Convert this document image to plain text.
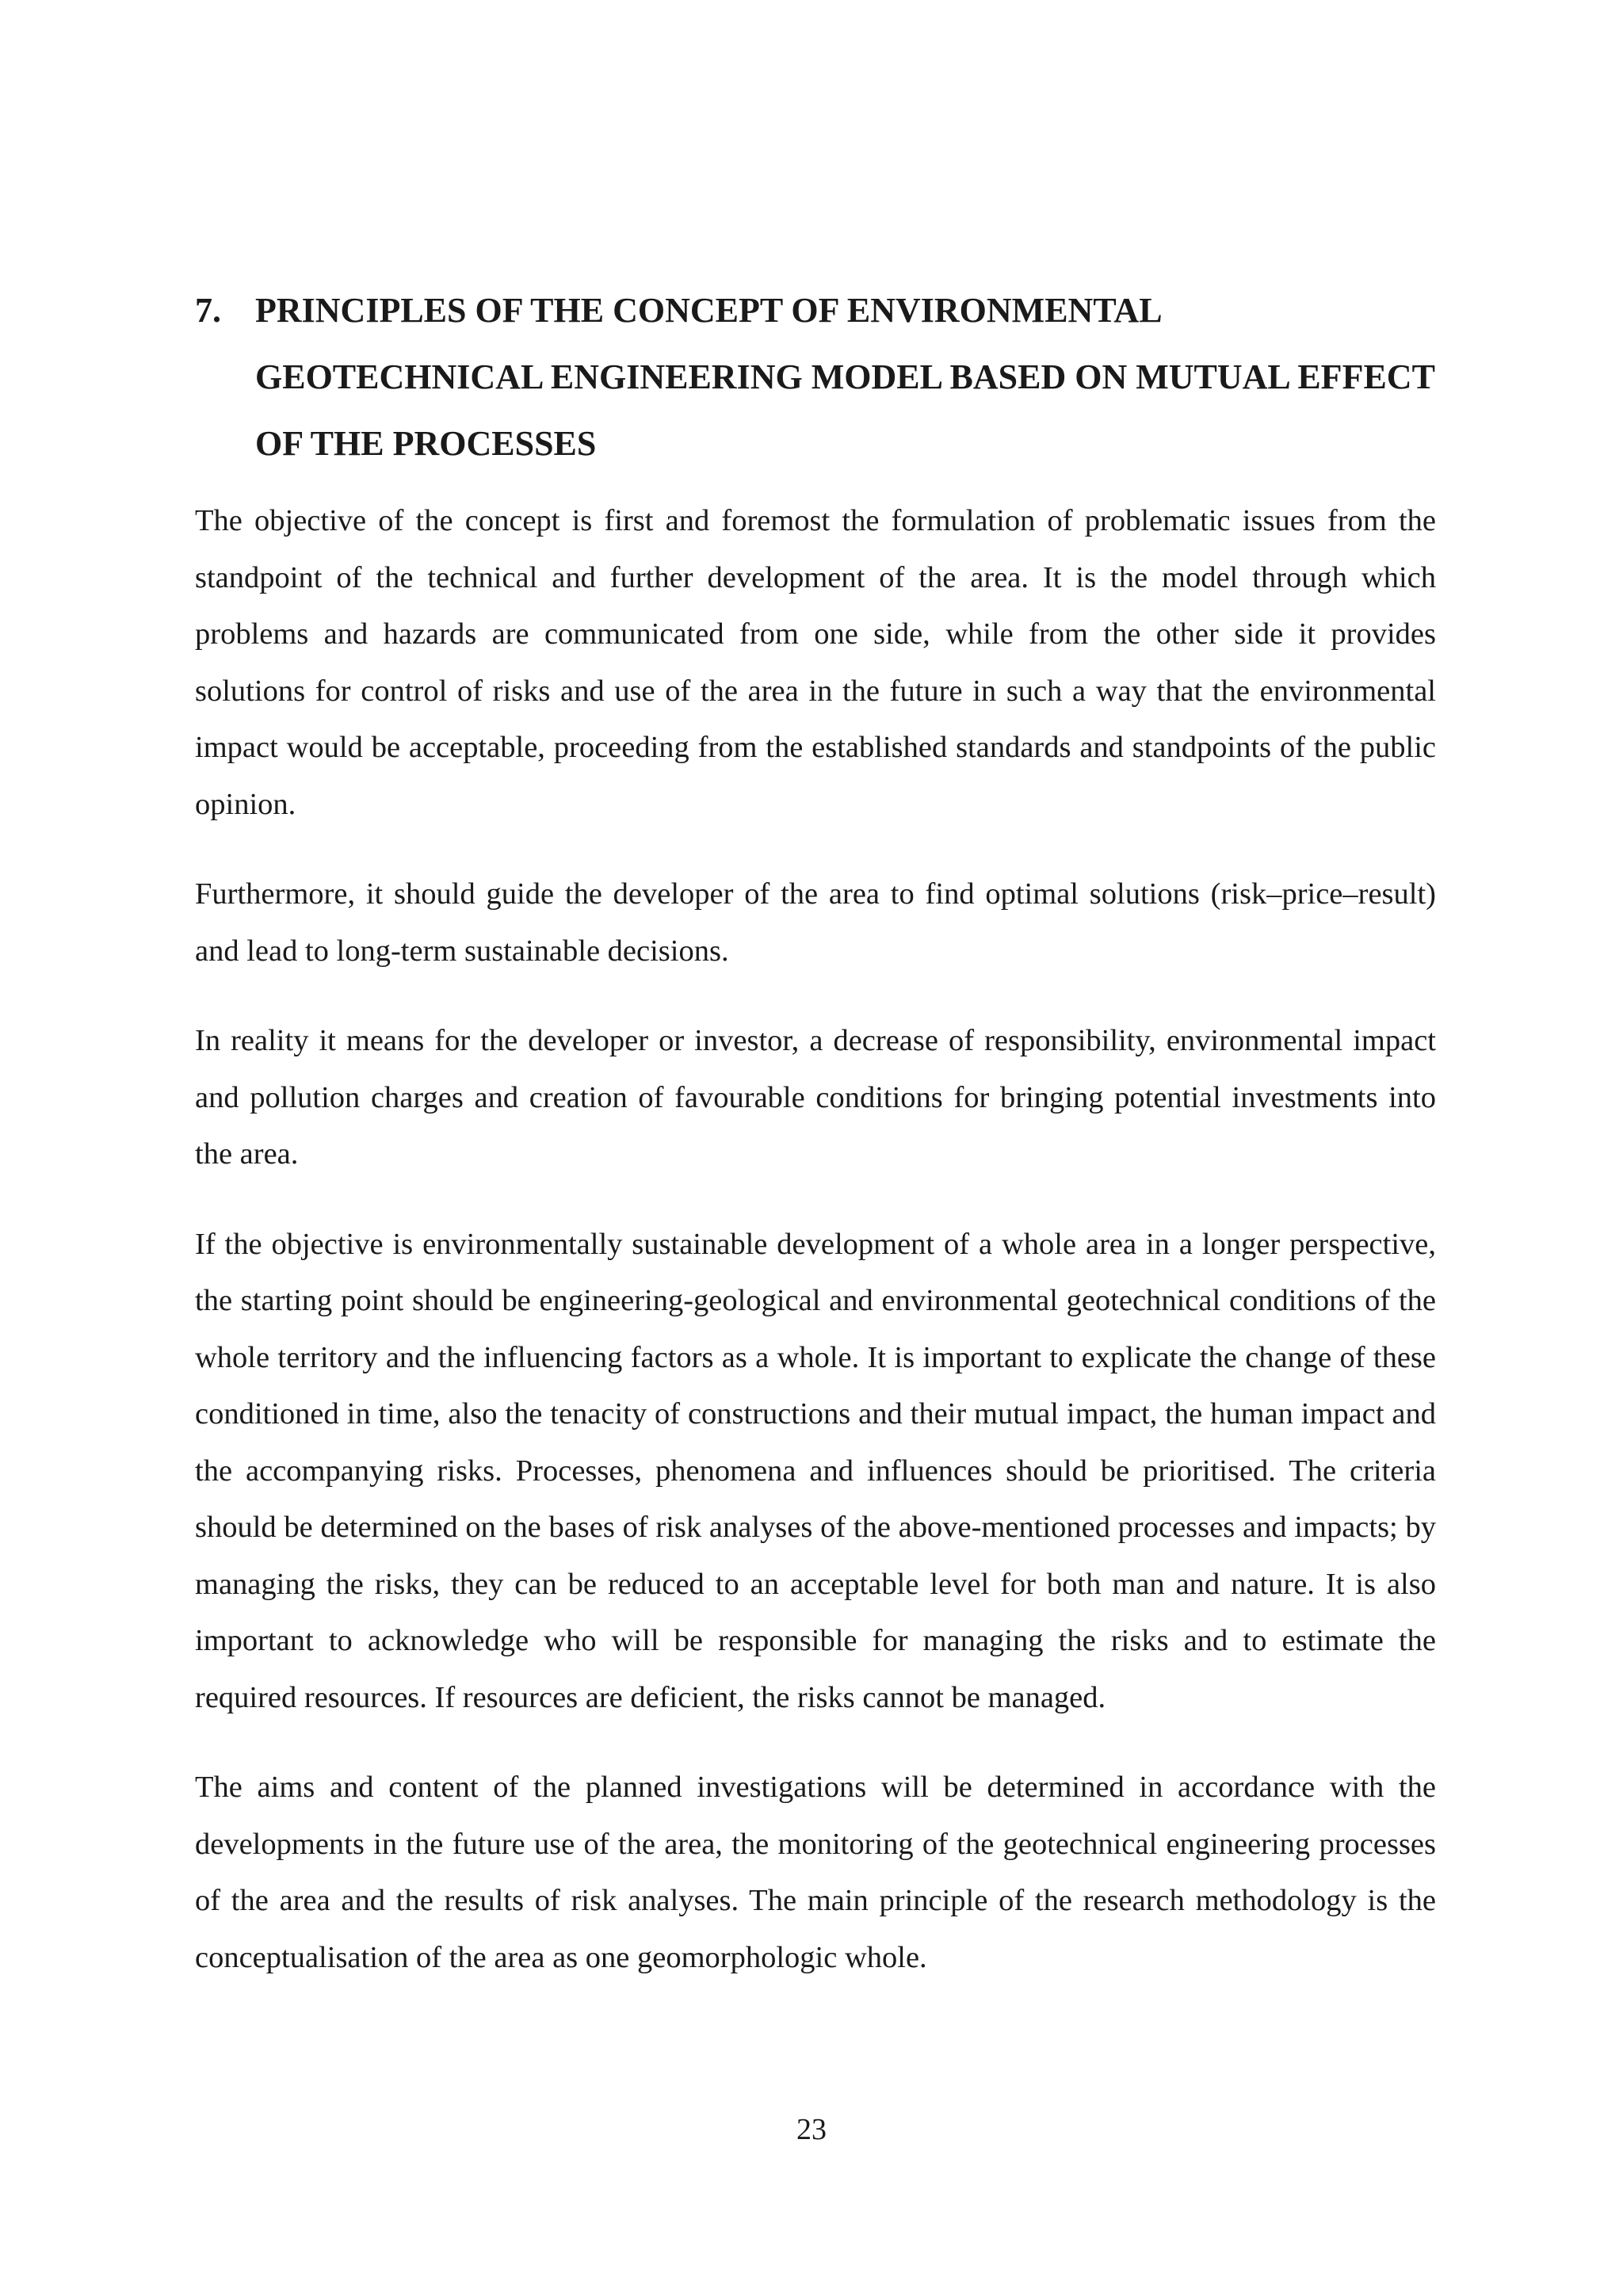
7. PRINCIPLES OF THE CONCEPT OF ENVIRONMENTAL GEOTECHNICAL ENGINEERING MODEL BASED ON MUTUAL EFFECT OF THE PROCESSES

The objective of the concept is first and foremost the formulation of problematic issues from the standpoint of the technical and further development of the area. It is the model through which problems and hazards are communicated from one side, while from the other side it provides solutions for control of risks and use of the area in the future in such a way that the environmental impact would be acceptable, proceeding from the established standards and standpoints of the public opinion.

Furthermore, it should guide the developer of the area to find optimal solutions (risk–price–result) and lead to long-term sustainable decisions.

In reality it means for the developer or investor, a decrease of responsibility, environmental impact and pollution charges and creation of favourable conditions for bringing potential investments into the area.

If the objective is environmentally sustainable development of a whole area in a longer perspective, the starting point should be engineering-geological and environmental geotechnical conditions of the whole territory and the influencing factors as a whole. It is important to explicate the change of these conditioned in time, also the tenacity of constructions and their mutual impact, the human impact and the accompanying risks. Processes, phenomena and influences should be prioritised. The criteria should be determined on the bases of risk analyses of the above-mentioned processes and impacts; by managing the risks, they can be reduced to an acceptable level for both man and nature. It is also important to acknowledge who will be responsible for managing the risks and to estimate the required resources. If resources are deficient, the risks cannot be managed.

The aims and content of the planned investigations will be determined in accordance with the developments in the future use of the area, the monitoring of the geotechnical engineering processes of the area and the results of risk analyses. The main principle of the research methodology is the conceptualisation of the area as one geomorphologic whole.

23
